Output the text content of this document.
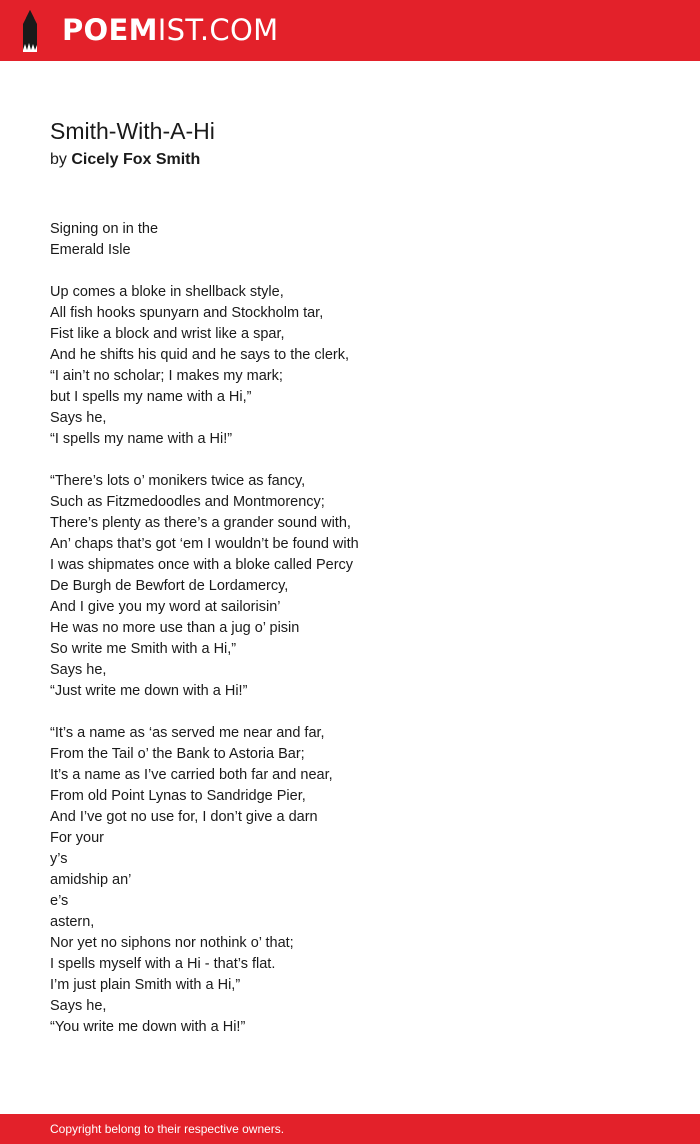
POEMIST.COM
Smith-With-A-Hi
by Cicely Fox Smith
Signing on in the
Emerald Isle
Up comes a bloke in shellback style,
All fish hooks spunyarn and Stockholm tar,
Fist like a block and wrist like a spar,
And he shifts his quid and he says to the clerk,
“I ain’t no scholar; I makes my mark;
but I spells my name with a Hi,”
Says he,
“I spells my name with a Hi!”
“There’s lots o’ monikers twice as fancy,
Such as Fitzmedoodles and Montmorency;
There’s plenty as there’s a grander sound with,
An’ chaps that’s got ‘em I wouldn’t be found with
I was shipmates once with a bloke called Percy
De Burgh de Bewfort de Lordamercy,
And I give you my word at sailorisin’
He was no more use than a jug o’ pisin
So write me Smith with a Hi,”
Says he,
“Just write me down with a Hi!”
“It’s a name as ‘as served me near and far,
From the Tail o’ the Bank to Astoria Bar;
It’s a name as I’ve carried both far and near,
From old Point Lynas to Sandridge Pier,
And I’ve got no use for, I don’t give a darn
For your
y’s
amidship an’
e’s
astern,
Nor yet no siphons nor nothink o’ that;
I spells myself with a Hi - that’s flat.
I’m just plain Smith with a Hi,”
Says he,
“You write me down with a Hi!”
Copyright belong to their respective owners.
